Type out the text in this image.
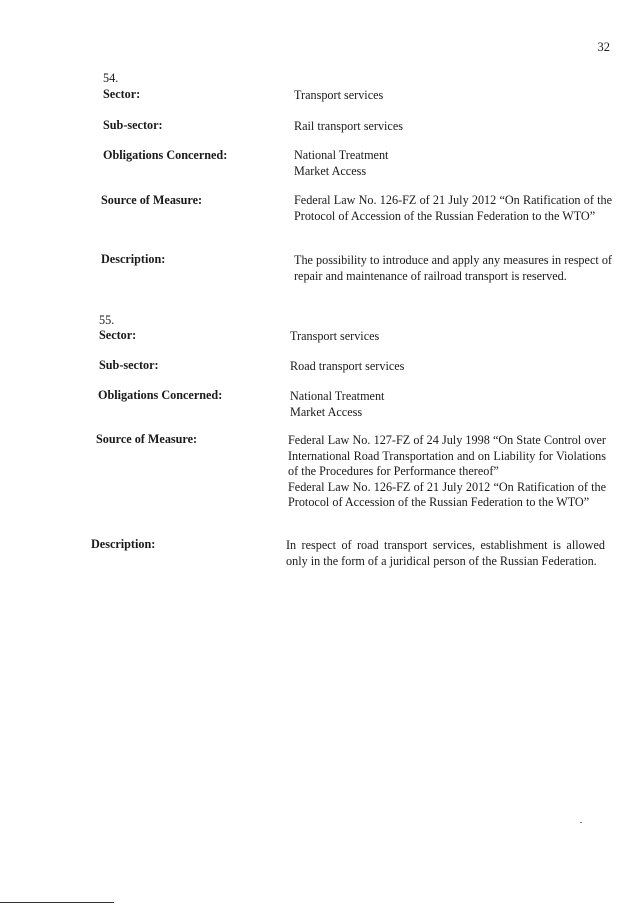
32
54.
Sector:	Transport services
Sub-sector:	Rail transport services
Obligations Concerned:	National Treatment
Market Access
Source of Measure:	Federal Law No. 126-FZ of 21 July 2012 “On Ratification of the Protocol of Accession of the Russian Federation to the WTO”
Description:	The possibility to introduce and apply any measures in respect of repair and maintenance of railroad transport is reserved.
55.
Sector:	Transport services
Sub-sector:	Road transport services
Obligations Concerned:	National Treatment
Market Access
Source of Measure:	Federal Law No. 127-FZ of 24 July 1998 “On State Control over International Road Transportation and on Liability for Violations of the Procedures for Performance thereof”
Federal Law No. 126-FZ of 21 July 2012 “On Ratification of the Protocol of Accession of the Russian Federation to the WTO”
Description:	In respect of road transport services, establishment is allowed only in the form of a juridical person of the Russian Federation.
